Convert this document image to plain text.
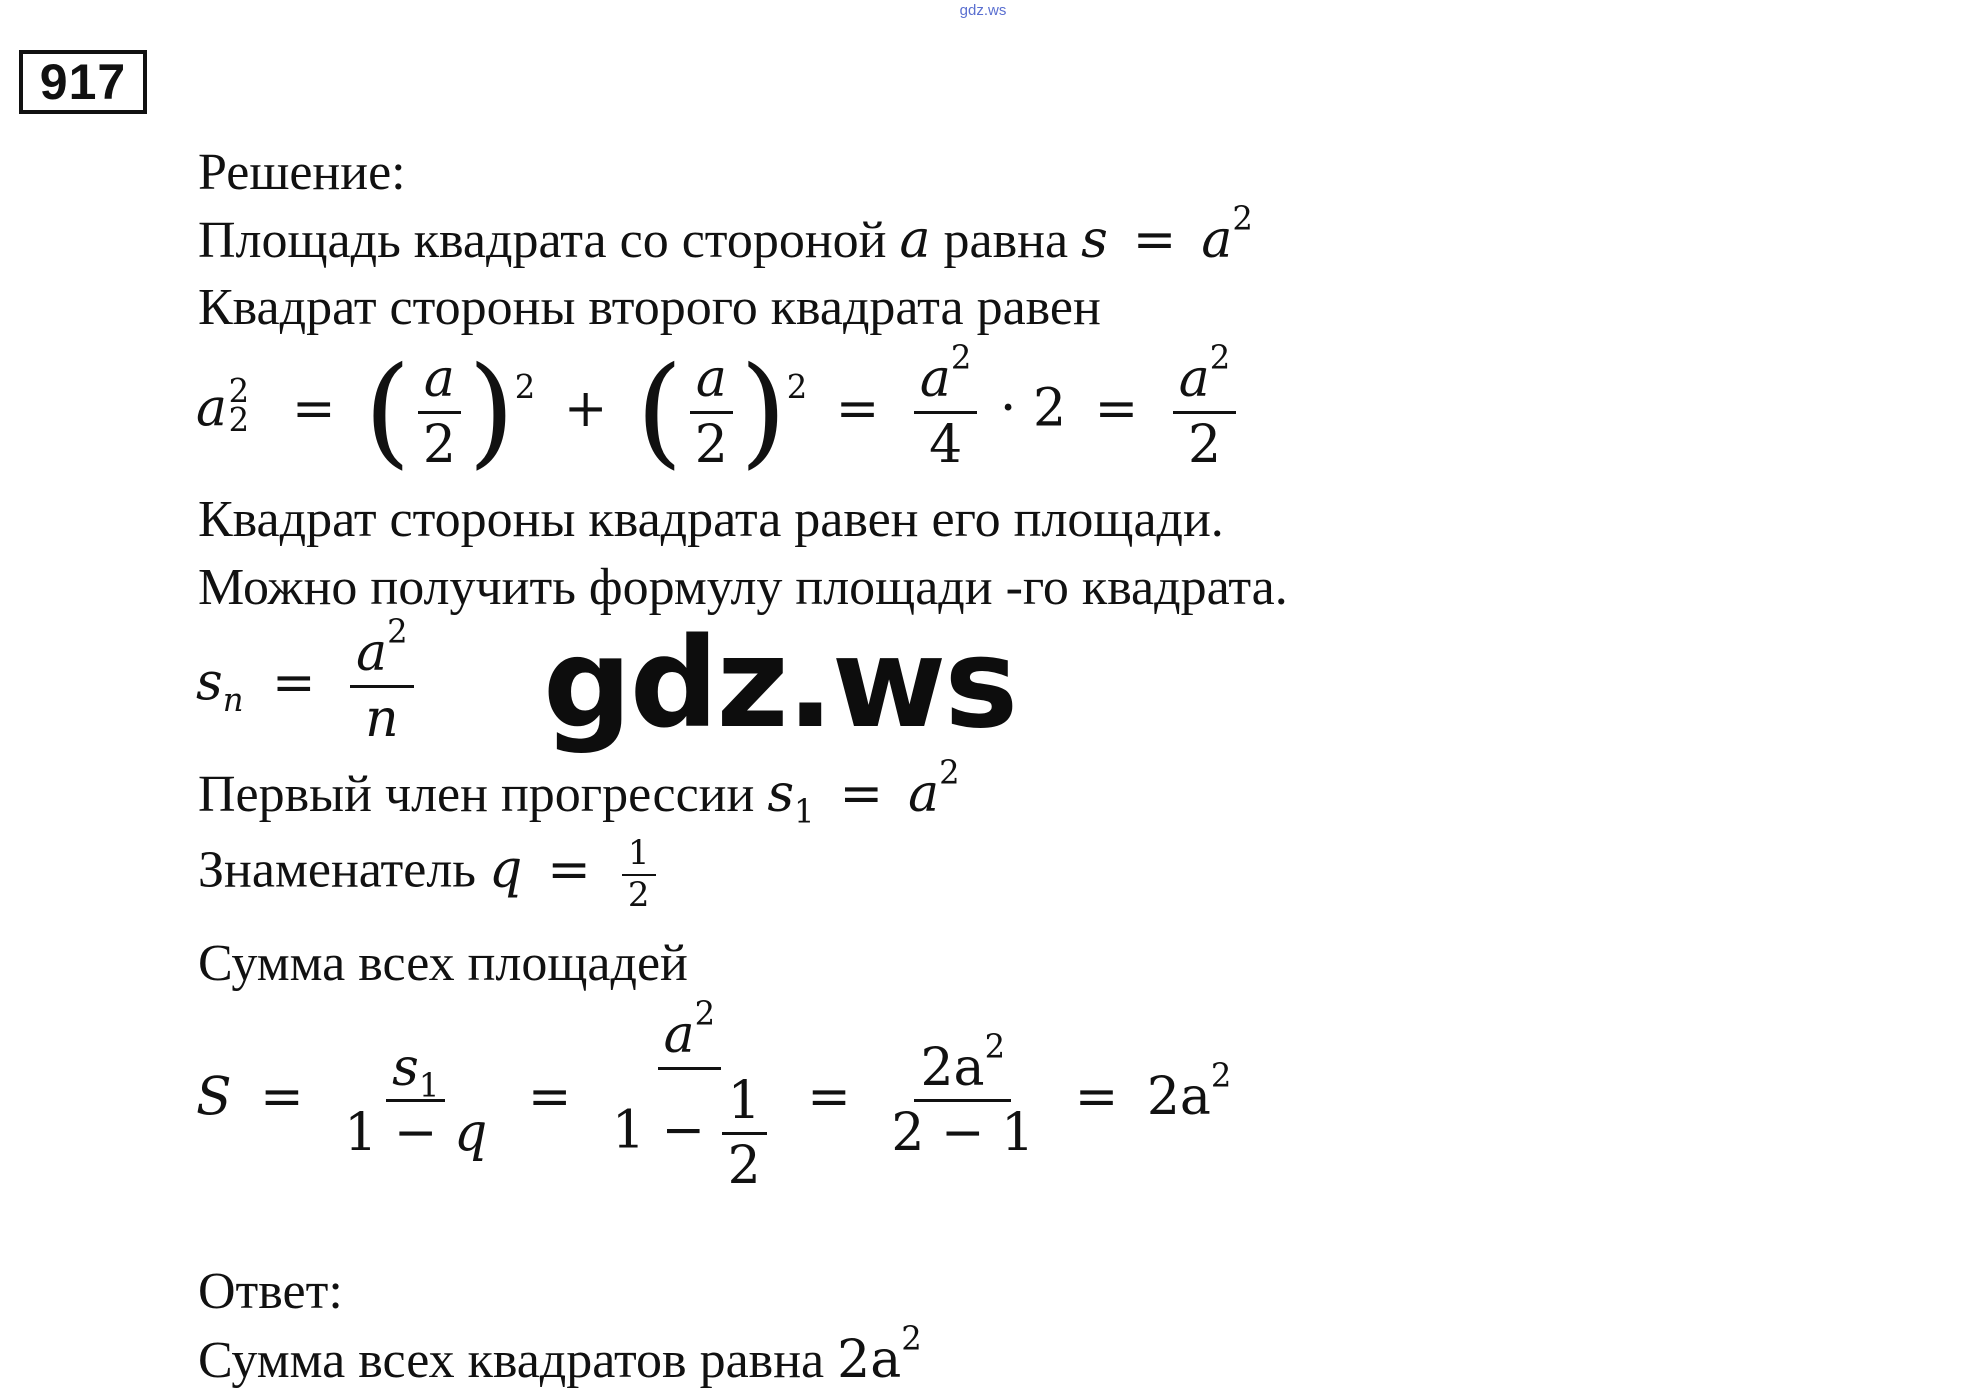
gdz.ws
917
Решение:
Площадь квадрата со стороной a равна $s = a^2$
Квадрат стороны второго квадрата равен
a 2
2 = ( $\frac{a}{2} )^2$ + ( $\frac{a}{2} )^2 = \frac{a^2}{4} \cdot 2 = \frac{a^2}{2}$
Квадрат стороны квадрата равен его площади.
Можно получить формулу площади -го квадрата.
$s_n = \frac{a^2}{n}$
Первый член прогрессии $s_1 = a^2$
Знаменатель $q = \frac{1}{2}$
Сумма всех площадей
$S = \frac{s_1}{1 - q} = \frac{a^2}{1 - \frac{1}{2}} = \frac{2a^2}{2 - 1} = 2a^2$
Ответ:
Сумма всех квадратов равна $2a^2$
gdz.ws
